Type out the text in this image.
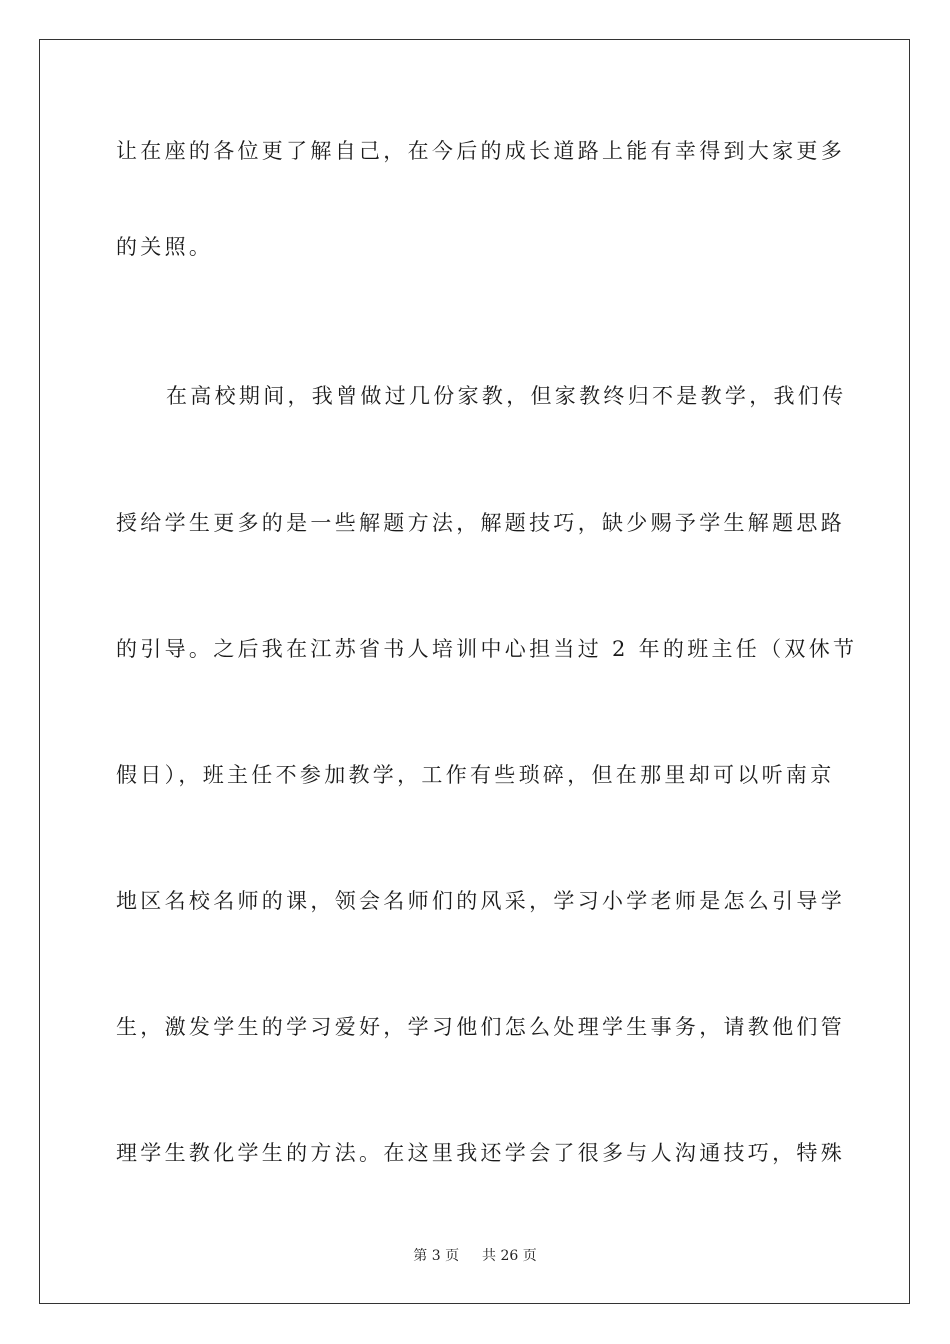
让在座的各位更了解自己，在今后的成长道路上能有幸得到大家更多
的关照。
在高校期间，我曾做过几份家教，但家教终归不是教学，我们传
授给学生更多的是一些解题方法，解题技巧，缺少赐予学生解题思路
的引导。之后我在江苏省书人培训中心担当过 2 年的班主任（双休节
假日），班主任不参加教学，工作有些琐碎，但在那里却可以听南京
地区名校名师的课，领会名师们的风采，学习小学老师是怎么引导学
生，激发学生的学习爱好，学习他们怎么处理学生事务，请教他们管
理学生教化学生的方法。在这里我还学会了很多与人沟通技巧，特殊
第 3 页 共 26 页
